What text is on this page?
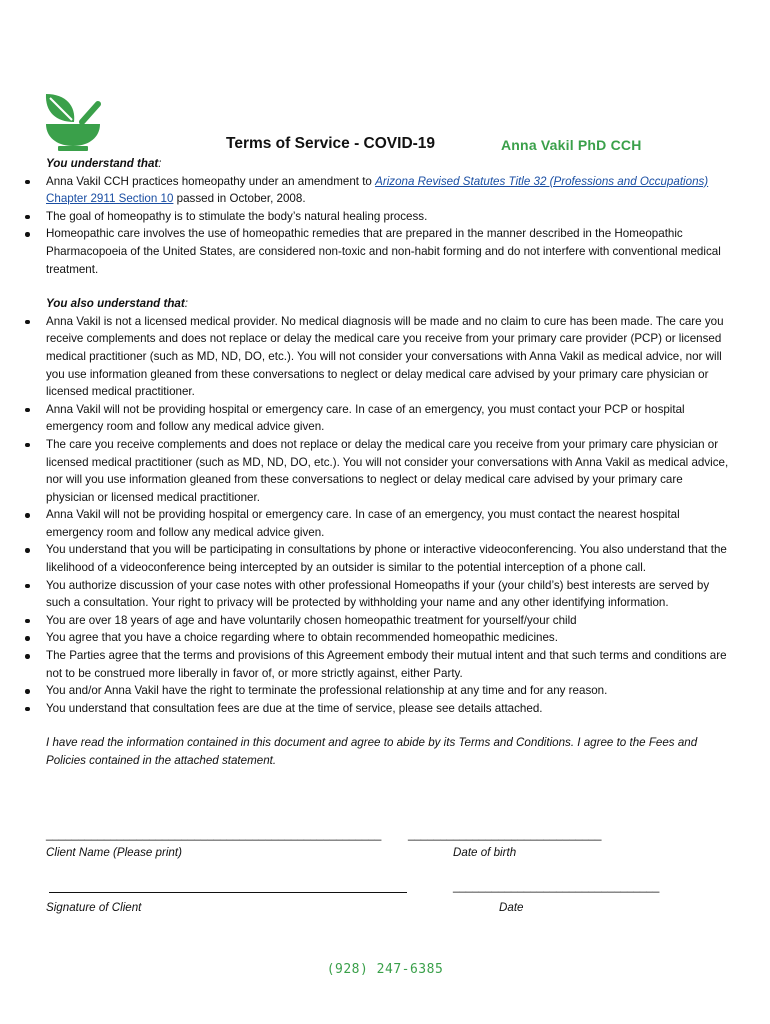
Terms of Service - COVID-19	Anna Vakil PhD CCH
You understand that:
Anna Vakil CCH practices homeopathy under an amendment to Arizona Revised Statutes Title 32 (Professions and Occupations) Chapter 2911 Section 10 passed in October, 2008.
The goal of homeopathy is to stimulate the body’s natural healing process.
Homeopathic care involves the use of homeopathic remedies that are prepared in the manner described in the Homeopathic Pharmacopoeia of the United States, are considered non-toxic and non-habit forming and do not interfere with conventional medical treatment.
You also understand that:
Anna Vakil is not a licensed medical provider. No medical diagnosis will be made and no claim to cure has been made. The care you receive complements and does not replace or delay the medical care you receive from your primary care provider (PCP) or licensed medical practitioner (such as MD, ND, DO, etc.). You will not consider your conversations with Anna Vakil as medical advice, nor will you use information gleaned from these conversations to neglect or delay medical care advised by your primary care physician or licensed medical practitioner.
Anna Vakil will not be providing hospital or emergency care. In case of an emergency, you must contact your PCP or hospital emergency room and follow any medical advice given.
The care you receive complements and does not replace or delay the medical care you receive from your primary care physician or licensed medical practitioner (such as MD, ND, DO, etc.). You will not consider your conversations with Anna Vakil as medical advice, nor will you use information gleaned from these conversations to neglect or delay medical care advised by your primary care physician or licensed medical practitioner.
Anna Vakil will not be providing hospital or emergency care. In case of an emergency, you must contact the nearest hospital emergency room and follow any medical advice given.
You understand that you will be participating in consultations by phone or interactive videoconferencing. You also understand that the likelihood of a videoconference being intercepted by an outsider is similar to the potential interception of a phone call.
You authorize discussion of your case notes with other professional Homeopaths if your (your child’s) best interests are served by such a consultation. Your right to privacy will be protected by withholding your name and any other identifying information.
You are over 18 years of age and have voluntarily chosen homeopathic treatment for yourself/your child
You agree that you have a choice regarding where to obtain recommended homeopathic medicines.
The Parties agree that the terms and provisions of this Agreement embody their mutual intent and that such terms and conditions are not to be construed more liberally in favor of, or more strictly against, either Party.
You and/or Anna Vakil have the right to terminate the professional relationship at any time and for any reason.
You understand that consultation fees are due at the time of service, please see details attached.
I have read the information contained in this document and agree to abide by its Terms and Conditions. I agree to the Fees and Policies contained in the attached statement.
____________________________________________________
Client Name (Please print)
______________________________
Date of birth
Signature of Client
________________________________
Date
(928) 247-6385
